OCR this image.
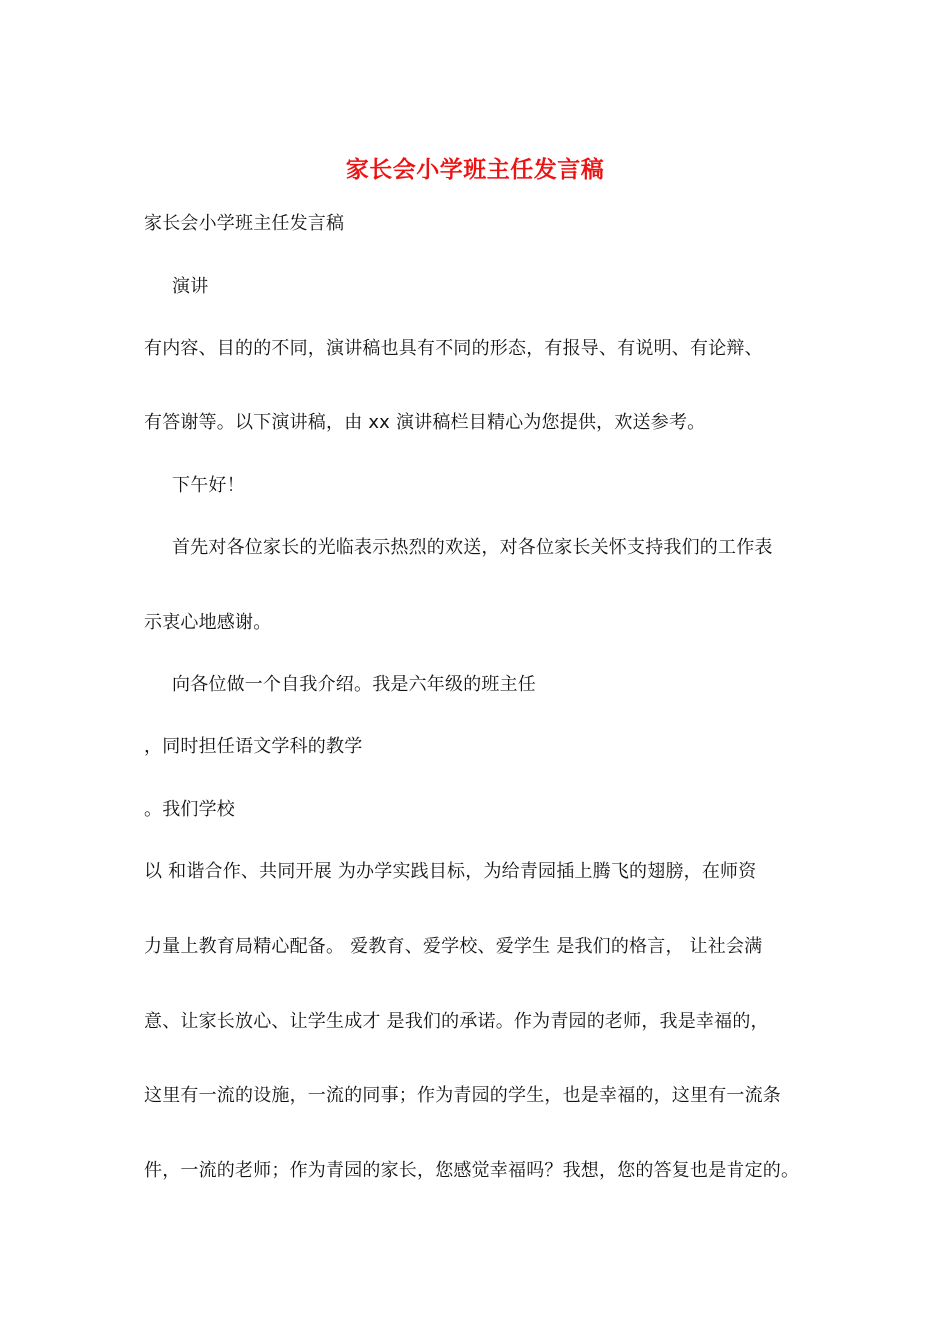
家长会小学班主任发言稿
家长会小学班主任发言稿
演讲
有内容、目的的不同，演讲稿也具有不同的形态，有报导、有说明、有论辩、
有答谢等。以下演讲稿，由 xx 演讲稿栏目精心为您提供，欢送参考。
下午好！
首先对各位家长的光临表示热烈的欢送，对各位家长关怀支持我们的工作表
示衷心地感谢。
向各位做一个自我介绍。我是六年级的班主任
，同时担任语文学科的教学
。我们学校
以 和谐合作、共同开展 为办学实践目标，为给青园插上腾飞的翅膀，在师资
力量上教育局精心配备。 爱教育、爱学校、爱学生 是我们的格言， 让社会满
意、让家长放心、让学生成才 是我们的承诺。作为青园的老师，我是幸福的，
这里有一流的设施，一流的同事；作为青园的学生，也是幸福的，这里有一流条
件，一流的老师；作为青园的家长，您感觉幸福吗？我想，您的答复也是肯定的。
